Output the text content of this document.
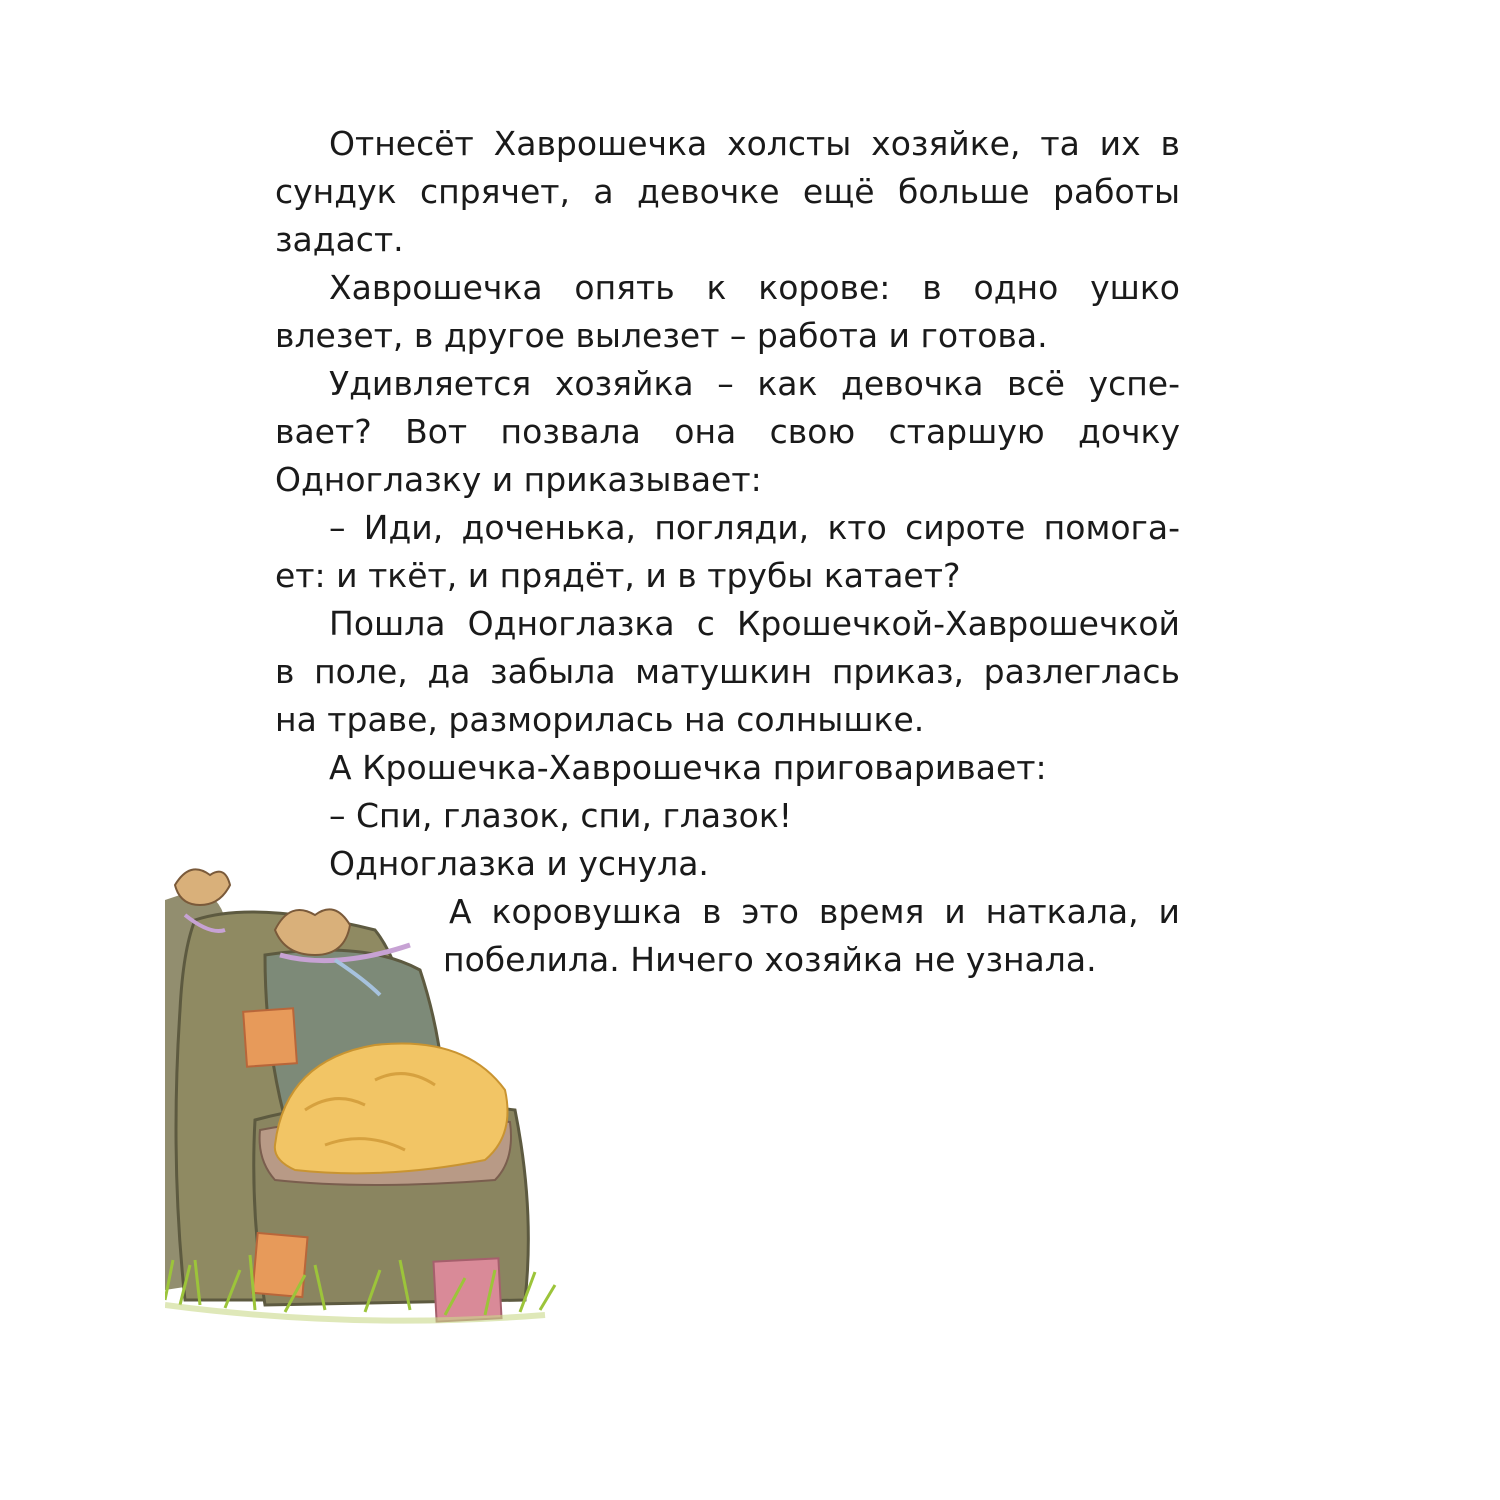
Отнесёт Хаврошечка холсты хозяйке, та их в
сундук спрячет, а девочке ещё больше работы
задаст.
Хаврошечка опять к корове: в одно ушко
влезет, в другое вылезет – работа и готова.
Удивляется хозяйка – как девочка всё успе-
вает? Вот позвала она свою старшую дочку
Одноглазку и приказывает:
– Иди, доченька, погляди, кто сироте помога-
ет: и ткёт, и прядёт, и в трубы катает?
Пошла Одноглазка с Крошечкой-Хаврошечкой
в поле, да забыла матушкин приказ, разлеглась
на траве, разморилась на солнышке.
А Крошечка-Хаврошечка приговаривает:
– Спи, глазок, спи, глазок!
Одноглазка и уснула.
А коровушка в это время и наткала, и
побелила. Ничего хозяйка не узнала.
